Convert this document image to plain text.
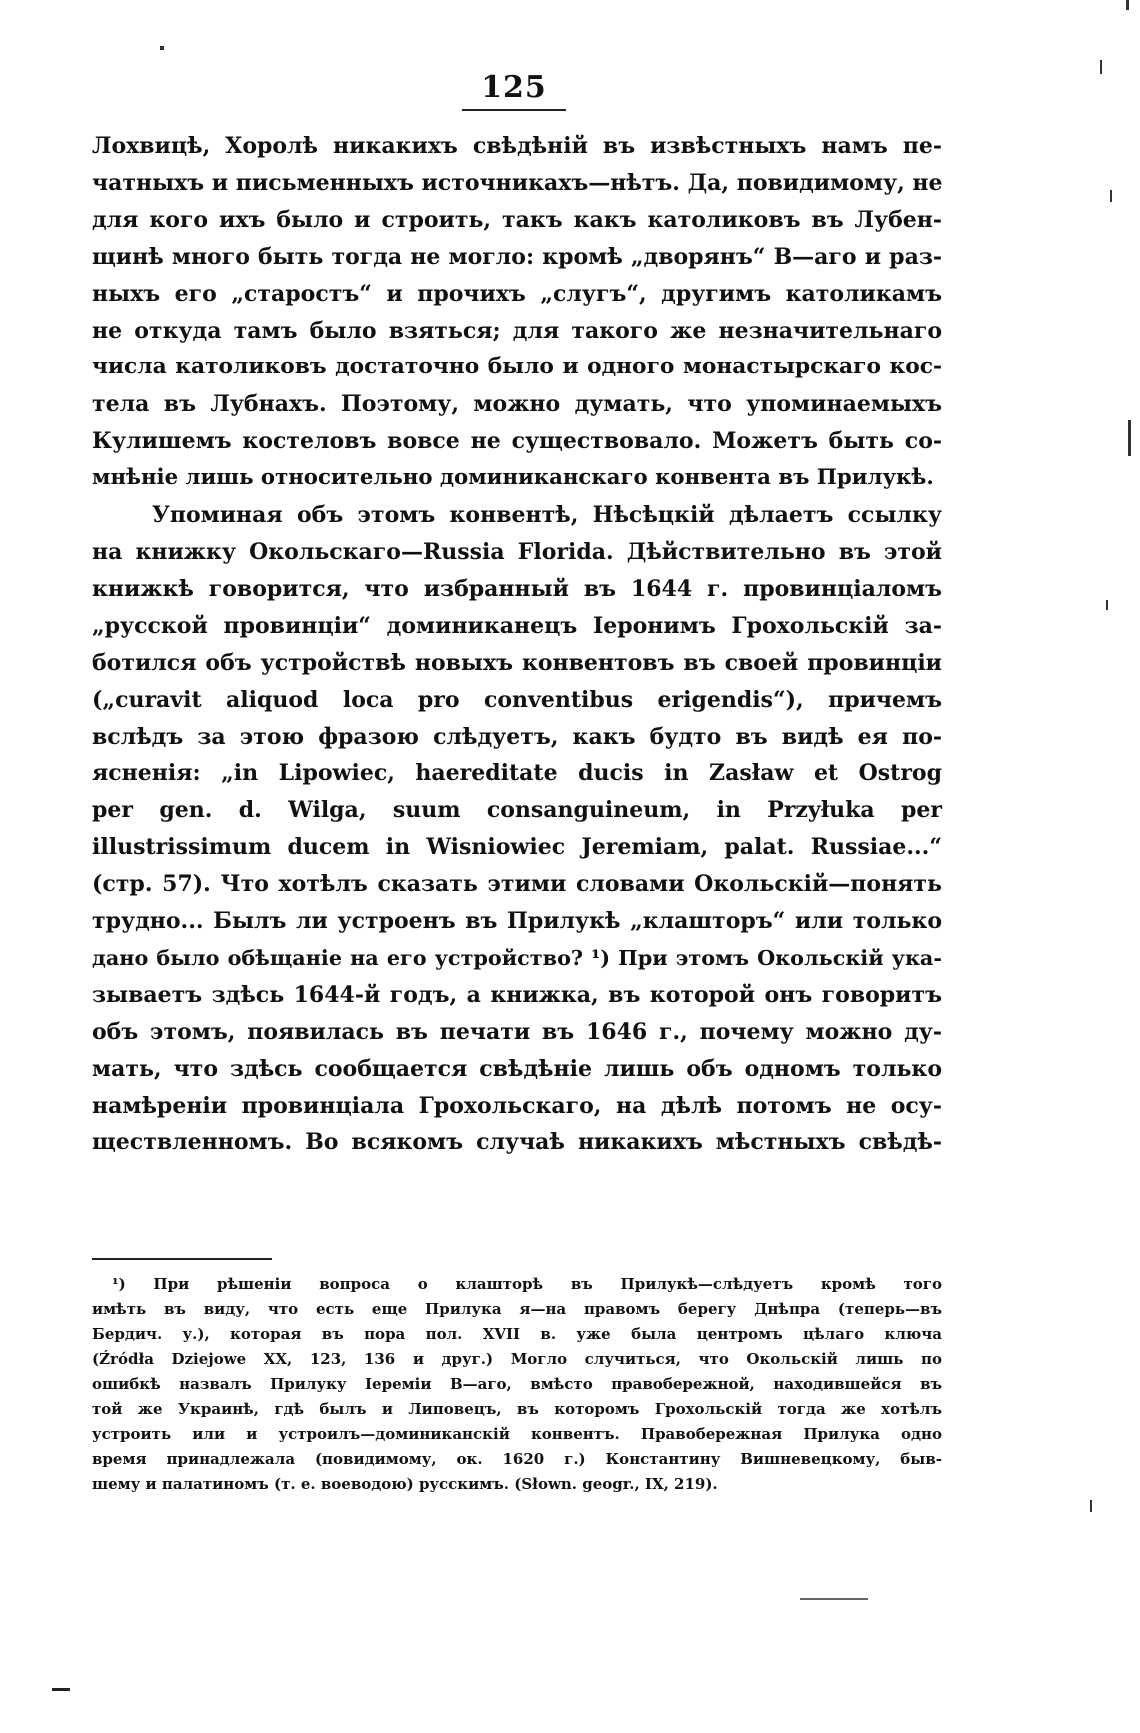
125

Лохвицѣ, Хоролѣ никакихъ свѣдѣній въ извѣстныхъ намъ пе-

чатныхъ и письменныхъ источникахъ—нѣтъ. Да, повидимому, не

для кого ихъ было и строить, такъ какъ католиковъ въ Лубен-

щинѣ много быть тогда не могло: кромѣ „дворянъ“ В—аго и раз-

ныхъ его „старостъ“ и прочихъ „слугъ“, другимъ католикамъ

не откуда тамъ было взяться; для такого же незначительнаго

числа католиковъ достаточно было и одного монастырскаго кос-

тела въ Лубнахъ. Поэтому, можно думать, что упоминаемыхъ

Кулишемъ костеловъ вовсе не существовало. Можетъ быть со-

мнѣніе лишь относительно доминиканскаго конвента въ Прилукѣ.

Упоминая объ этомъ конвентѣ, Нѣсѣцкій дѣлаетъ ссылку

на книжку Окольскаго—Russia Florida. Дѣйствительно въ этой

книжкѣ говорится, что избранный въ 1644 г. провинціаломъ

„русской провинціи“ доминиканецъ Іеронимъ Грохольскій за-

ботился объ устройствѣ новыхъ конвентовъ въ своей провинціи

(„curavit aliquod loca pro conventibus erigendis“), причемъ

вслѣдъ за этою фразою слѣдуетъ, какъ будто въ видѣ ея по-

ясненія: „in Lipowiec, haereditate ducis in Zasław et Ostrog

per gen. d. Wilga, suum consanguineum, in Przyłuka per

illustrissimum ducem in Wisniowiec Jeremiam, palat. Russiae...“

(стр. 57). Что хотѣлъ сказать этими словами Окольскій—понять

трудно... Былъ ли устроенъ въ Прилукѣ „клашторъ“ или только

дано было обѣщаніе на его устройство? ¹) При этомъ Окольскій ука-

зываетъ здѣсь 1644-й годъ, а книжка, въ которой онъ говоритъ

объ этомъ, появилась въ печати въ 1646 г., почему можно ду-

мать, что здѣсь сообщается свѣдѣніе лишь объ одномъ только

намѣреніи провинціала Грохольскаго, на дѣлѣ потомъ не осу-

ществленномъ. Во всякомъ случаѣ никакихъ мѣстныхъ свѣдѣ-

¹) При рѣшеніи вопроса о клашторѣ въ Прилукѣ—слѣдуетъ кромѣ того

имѣть въ виду, что есть еще Прилука я—на правомъ берегу Днѣпра (теперь—въ

Бердич. у.), которая въ пора пол. XVII в. уже была центромъ цѣлаго ключа

(Źródła Dziejowe XX, 123, 136 и друг.) Могло случиться, что Окольскій лишь по

ошибкѣ назвалъ Прилуку Іереміи В—аго, вмѣсто правобережной, находившейся въ

той же Украинѣ, гдѣ былъ и Липовецъ, въ которомъ Грохольскій тогда же хотѣлъ

устроить или и устроилъ—доминиканскій конвентъ. Правобережная Прилука одно

время принадлежала (повидимому, ок. 1620 г.) Константину Вишневецкому, быв-

шему и палатиномъ (т. е. воеводою) русскимъ. (Słown. geogr., IX, 219).
